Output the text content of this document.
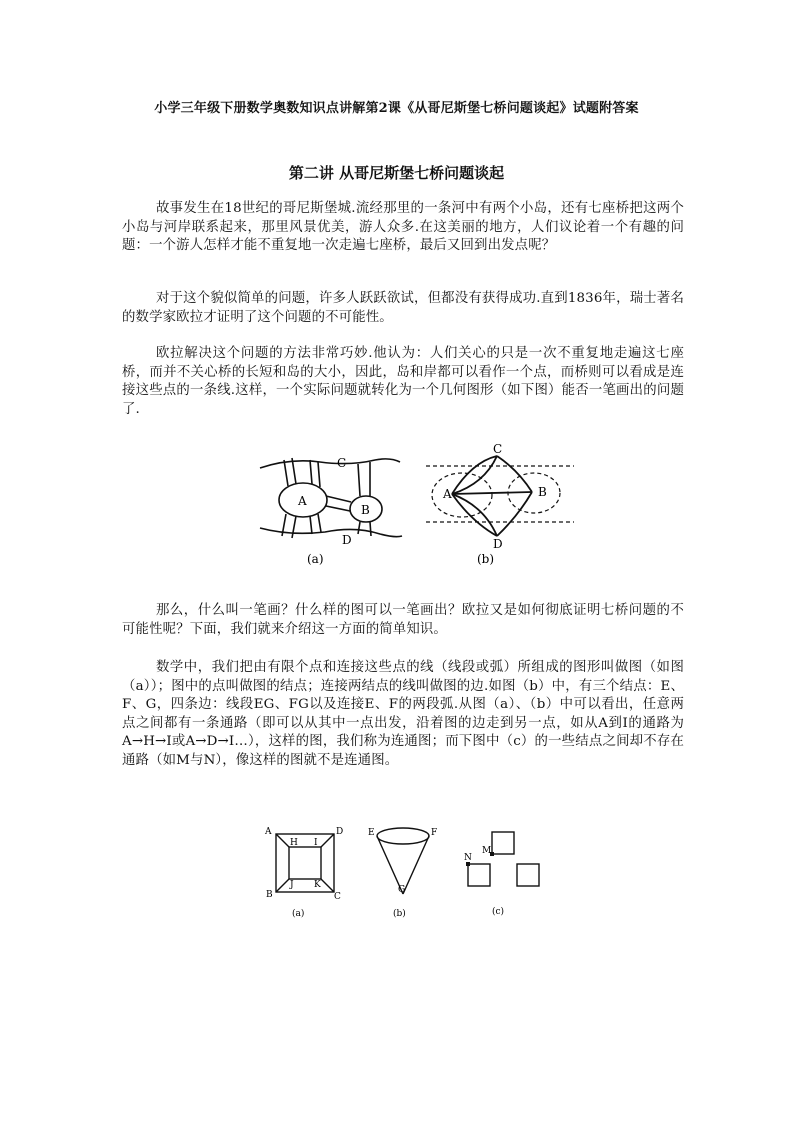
小学三年级下册数学奥数知识点讲解第2课《从哥尼斯堡七桥问题谈起》试题附答案
第二讲 从哥尼斯堡七桥问题谈起
故事发生在18世纪的哥尼斯堡城.流经那里的一条河中有两个小岛，还有七座桥把这两个小岛与河岸联系起来，那里风景优美，游人众多.在这美丽的地方，人们议论着一个有趣的问题：一个游人怎样才能不重复地一次走遍七座桥，最后又回到出发点呢？
对于这个貌似简单的问题，许多人跃跃欲试，但都没有获得成功.直到1836年，瑞士著名的数学家欧拉才证明了这个问题的不可能性。
欧拉解决这个问题的方法非常巧妙.他认为：人们关心的只是一次不重复地走遍这七座桥，而并不关心桥的长短和岛的大小，因此，岛和岸都可以看作一个点，而桥则可以看成是连接这些点的一条线.这样，一个实际问题就转化为一个几何图形（如下图）能否一笔画出的问题了.
A
B
C
D
(a)
A	B
C
D
(b)
那么，什么叫一笔画？什么样的图可以一笔画出？欧拉又是如何彻底证明七桥问题的不可能性呢？下面，我们就来介绍这一方面的简单知识。
数学中，我们把由有限个点和连接这些点的线（线段或弧）所组成的图形叫做图（如图（a））；图中的点叫做图的结点；连接两结点的线叫做图的边.如图（b）中，有三个结点：E、F、G，四条边：线段EG、FG以及连接E、F的两段弧.从图（a）、（b）中可以看出，任意两点之间都有一条通路（即可以从其中一点出发，沿着图的边走到另一点，如从A到I的通路为A→H→I或A→D→I…），这样的图，我们称为连通图；而下图中（c）的一些结点之间却不存在通路（如M与N），像这样的图就不是连通图。
A	D
B	C
H I
J K
(a)
E	F
G
(b)
M
N
(c)
